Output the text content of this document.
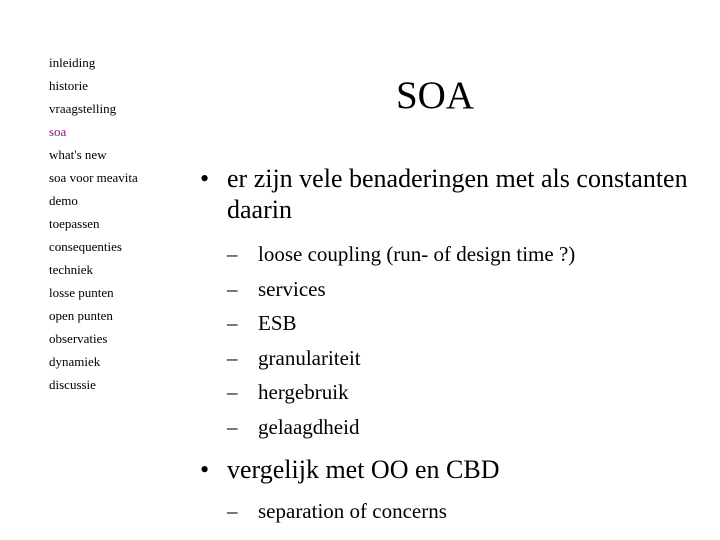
inleiding
historie
vraagstelling
soa
what's new
soa voor meavita
demo
toepassen
consequenties
techniek
losse punten
open punten
observaties
dynamiek
discussie
SOA
• er zijn vele benaderingen met als constanten daarin
– loose coupling (run- of design time ?)
– services
– ESB
– granulariteit
– hergebruik
– gelaagdheid
• vergelijk met OO en CBD
– separation of concerns
